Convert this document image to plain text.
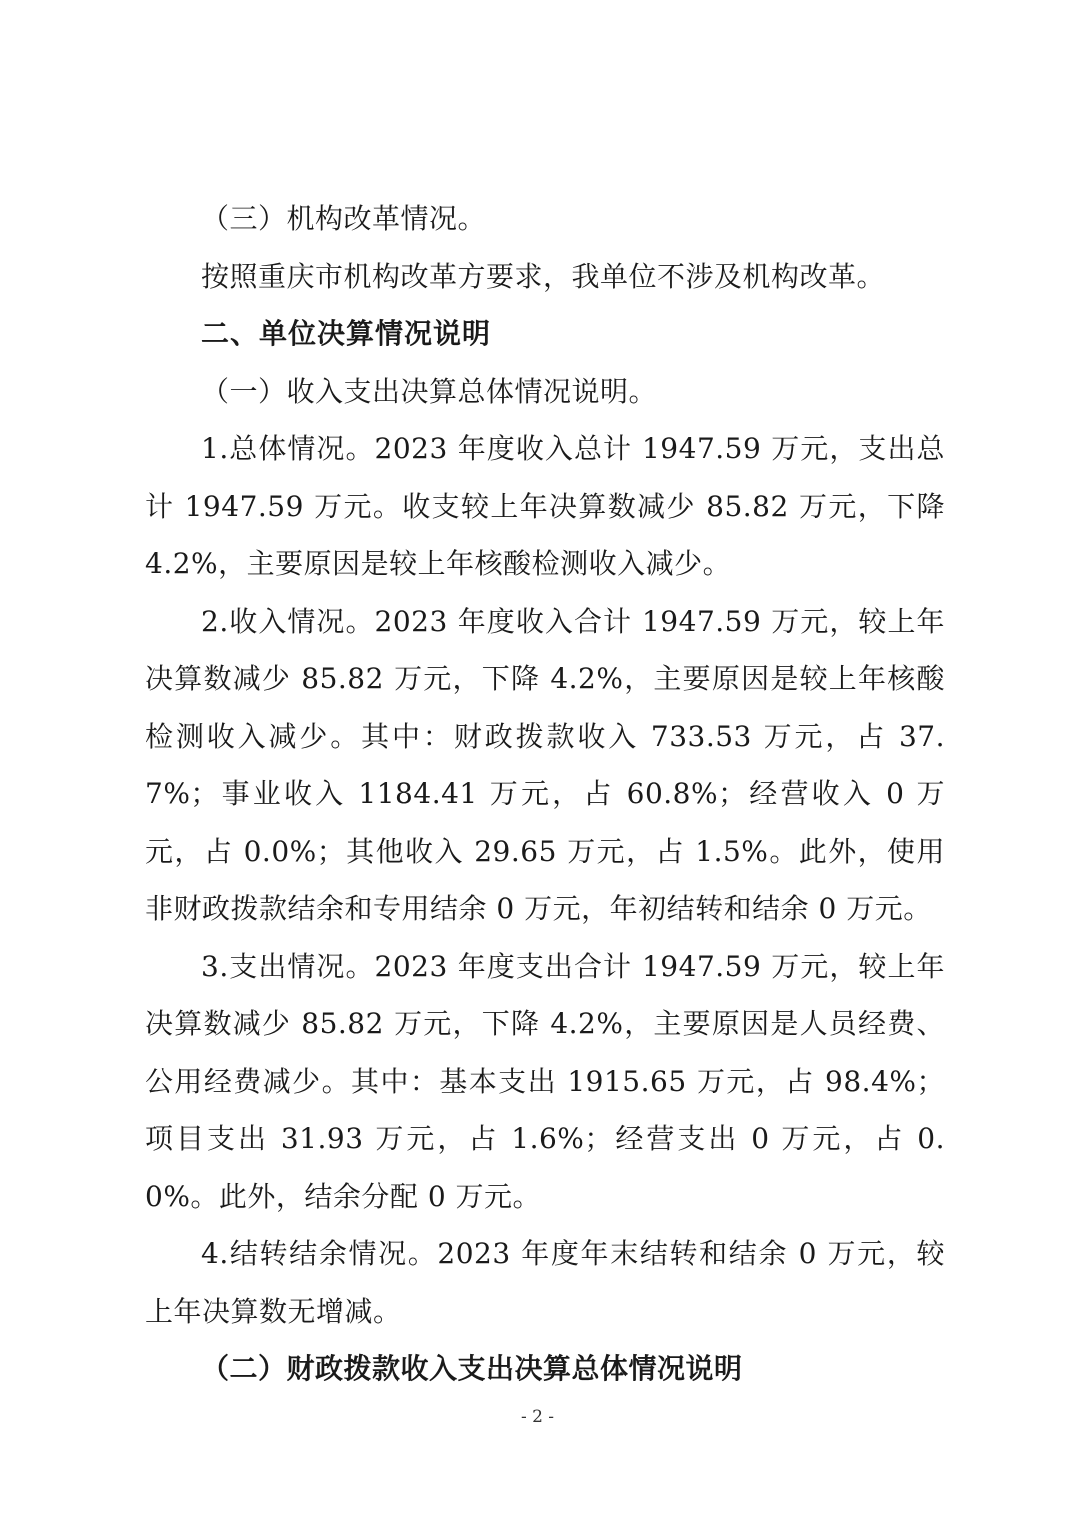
（三）机构改革情况。

按照重庆市机构改革方要求，我单位不涉及机构改革。

二、单位决算情况说明

（一）收入支出决算总体情况说明。

1.总体情况。2023 年度收入总计 1947.59 万元，支出总计 1947.59 万元。收支较上年决算数减少 85.82 万元，下降 4.2%，主要原因是较上年核酸检测收入减少。

2.收入情况。2023 年度收入合计 1947.59 万元，较上年决算数减少 85.82 万元，下降 4.2%，主要原因是较上年核酸检测收入减少。其中：财政拨款收入 733.53 万元，占 37.7%；事业收入 1184.41 万元，占 60.8%；经营收入 0 万元，占 0.0%；其他收入 29.65 万元，占 1.5%。此外，使用非财政拨款结余和专用结余 0 万元，年初结转和结余 0 万元。

3.支出情况。2023 年度支出合计 1947.59 万元，较上年决算数减少 85.82 万元，下降 4.2%，主要原因是人员经费、公用经费减少。其中：基本支出 1915.65 万元，占 98.4%；项目支出 31.93 万元，占 1.6%；经营支出 0 万元，占 0.0%。此外，结余分配 0 万元。

4.结转结余情况。2023 年度年末结转和结余 0 万元，较上年决算数无增减。

（二）财政拨款收入支出决算总体情况说明

- 2 -
